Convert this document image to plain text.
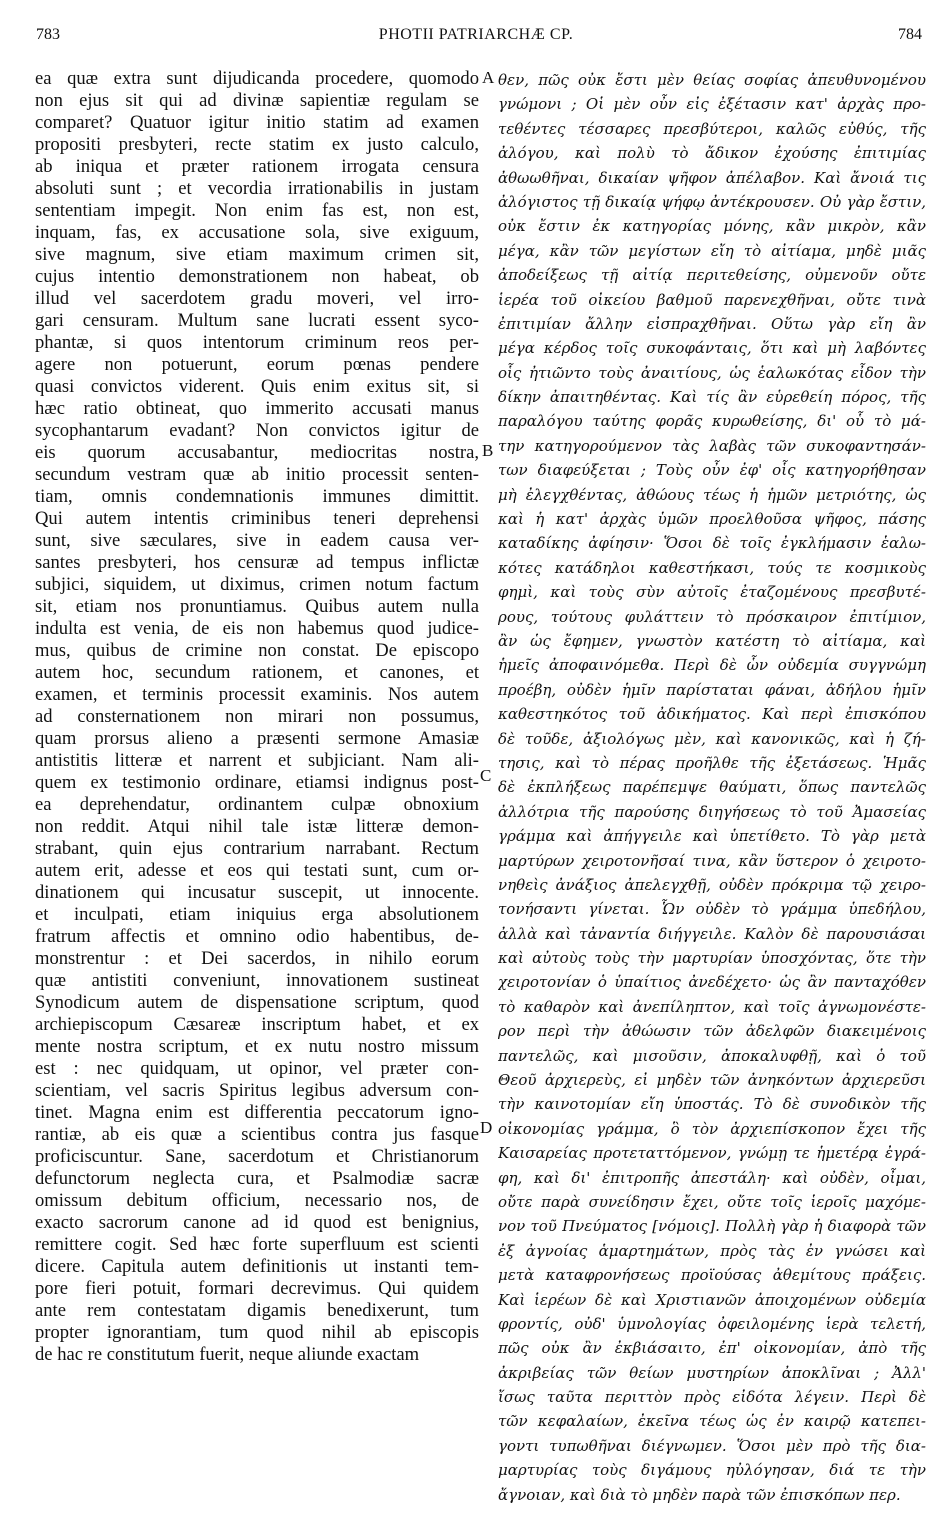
783	PHOTII PATRIARCHÆ CP.	784
ea quæ extra sunt dijudicanda procedere, quomodo
non ejus sit qui ad divinæ sapientiæ regulam se
comparet? Quatuor igitur initio statim ad examen
propositi presbyteri, recte statim ex justo calculo,
ab iniqua et præter rationem irrogata censura
absoluti sunt ; et vecordia irrationabilis in justam
sententiam impegit. Non enim fas est, non est,
inquam, fas, ex accusatione sola, sive exiguum,
sive magnum, sive etiam maximum crimen sit,
cujus intentio demonstrationem non habeat, ob
illud vel sacerdotem gradu moveri, vel irro-
gari censuram. Multum sane lucrati essent syco-
phantæ, si quos intentorum criminum reos per-
agere non potuerunt, eorum pœnas pendere
quasi convictos viderent. Quis enim exitus sit, si
hæc ratio obtineat, quo immerito accusati manus
sycophantarum evadant? Non convictos igitur de
eis quorum accusabantur, mediocritas nostra,
secundum vestram quæ ab initio processit senten-
tiam, omnis condemnationis immunes dimittit.
Qui autem intentis criminibus teneri deprehensi
sunt, sive sæculares, sive in eadem causa ver-
santes presbyteri, hos censuræ ad tempus inflictæ
subjici, siquidem, ut diximus, crimen notum factum
sit, etiam nos pronuntiamus. Quibus autem nulla
indulta est venia, de eis non habemus quod judice-
mus, quibus de crimine non constat. De episcopo
autem hoc, secundum rationem, et canones, et
examen, et terminis processit examinis. Nos autem
ad consternationem non mirari non possumus,
quam prorsus alieno a præsenti sermone Amasiæ
antistitis litteræ et narrent et subjiciant. Nam ali-
quem ex testimonio ordinare, etiamsi indignus post-
ea deprehendatur, ordinantem culpæ obnoxium
non reddit. Atqui nihil tale istæ litteræ demon-
strabant, quin ejus contrarium narrabant. Rectum
autem erit, adesse et eos qui testati sunt, cum or-
dinationem qui incusatur suscepit, ut innocente.
et inculpati, etiam iniquius erga absolutionem
fratrum affectis et omnino odio habentibus, de-
monstrentur : et Dei sacerdos, in nihilo eorum
quæ antistiti conveniunt, innovationem sustineat
Synodicum autem de dispensatione scriptum, quod
archiepiscopum Cæsareæ inscriptum habet, et ex
mente nostra scriptum, et ex nutu nostro missum
est : nec quidquam, ut opinor, vel præter con-
scientiam, vel sacris Spiritus legibus adversum con-
tinet. Magna enim est differentia peccatorum igno-
rantiæ, ab eis quæ a scientibus contra jus fasque
proficiscuntur. Sane, sacerdotum et Christianorum
defunctorum neglecta cura, et Psalmodiæ sacræ
omissum debitum officium, necessario nos, de
exacto sacrorum canone ad id quod est benignius,
remittere cogit. Sed hæc forte superfluum est scienti
dicere. Capitula autem definitionis ut instanti tem-
pore fieri potuit, formari decrevimus. Qui quidem
ante rem contestatam digamis benedixerunt, tum
propter ignorantiam, tum quod nihil ab episcopis
de hac re constitutum fuerit, neque aliunde exactam
A
B
C
D
θεν, πῶς οὐκ ἔστι μὲν θείας σοφίας ἀπευθυνομένου
γνώμονι ; Οἱ μὲν οὖν εἰς ἐξέτασιν κατ' ἀρχὰς προ-
τεθέντες τέσσαρες πρεσβύτεροι, καλῶς εὐθύς, τῆς
ἀλόγου, καὶ πολὺ τὸ ἄδικον ἐχούσης ἐπιτιμίας
ἀθωωθῆναι, δικαίαν ψῆφον ἀπέλαβον. Καὶ ἄνοιά τις
ἀλόγιστος τῇ δικαίᾳ ψήφῳ ἀντέκρουσεν. Οὐ γὰρ ἔστιν,
οὐκ ἔστιν ἐκ κατηγορίας μόνης, κἂν μικρὸν, κἂν
μέγα, κἂν τῶν μεγίστων εἴη τὸ αἰτίαμα, μηδὲ μιᾶς
ἀποδείξεως τῇ αἰτίᾳ περιτεθείσης, οὐμενοῦν οὔτε
ἱερέα τοῦ οἰκείου βαθμοῦ παρενεχθῆναι, οὔτε τινὰ
ἐπιτιμίαν ἄλλην εἰσπραχθῆναι. Οὕτω γὰρ εἴη ἂν
μέγα κέρδος τοῖς συκοφάνταις, ὅτι καὶ μὴ λαβόντες
οἷς ἠτιῶντο τοὺς ἀναιτίους, ὡς ἑαλωκότας εἶδον τὴν
δίκην ἀπαιτηθέντας. Καὶ τίς ἂν εὑρεθείη πόρος, τῆς
παραλόγου ταύτης φορᾶς κυρωθείσης, δι' οὗ τὸ μά-
την κατηγορούμενον τὰς λαβὰς τῶν συκοφαντησάν-
των διαφεύξεται ; Τοὺς οὖν ἐφ' οἷς κατηγορήθησαν
μὴ ἐλεγχθέντας, ἀθώους τέως ἡ ἡμῶν μετριότης, ὡς
καὶ ἡ κατ' ἀρχὰς ὑμῶν προελθοῦσα ψῆφος, πάσης
καταδίκης ἀφίησιν· Ὅσοι δὲ τοῖς ἐγκλήμασιν ἑαλω-
κότες κατάδηλοι καθεστήκασι, τούς τε κοσμικοὺς
φημὶ, καὶ τοὺς σὺν αὐτοῖς ἐταζομένους πρεσβυτέ-
ρους, τούτους φυλάττειν τὸ πρόσκαιρον ἐπιτίμιον,
ἂν ὡς ἔφημεν, γνωστὸν κατέστη τὸ αἰτίαμα, καὶ
ἡμεῖς ἀποφαινόμεθα. Περὶ δὲ ὧν οὐδεμία συγγνώμη
προέβη, οὐδὲν ἡμῖν παρίσταται φάναι, ἀδήλου ἡμῖν
καθεστηκότος τοῦ ἀδικήματος. Καὶ περὶ ἐπισκόπου
δὲ τοῦδε, ἀξιολόγως μὲν, καὶ κανονικῶς, καὶ ἡ ζή-
τησις, καὶ τὸ πέρας προῆλθε τῆς ἐξετάσεως. Ἡμᾶς
δὲ ἐκπλήξεως παρέπεμψε θαύματι, ὅπως παντελῶς
ἀλλότρια τῆς παρούσης διηγήσεως τὸ τοῦ Ἀμασείας
γράμμα καὶ ἀπήγγειλε καὶ ὑπετίθετο. Τὸ γὰρ μετὰ
μαρτύρων χειροτονῆσαί τινα, κἂν ὕστερον ὁ χειροτο-
νηθεὶς ἀνάξιος ἀπελεγχθῇ, οὐδὲν πρόκριμα τῷ χειρο-
τονήσαντι γίνεται. Ὧν οὐδὲν τὸ γράμμα ὑπεδήλου,
ἀλλὰ καὶ τἀναντία διήγγειλε. Καλὸν δὲ παρουσιάσαι
καὶ αὐτοὺς τοὺς τὴν μαρτυρίαν ὑποσχόντας, ὅτε τὴν
χειροτονίαν ὁ ὑπαίτιος ἀνεδέχετο· ὡς ἂν πανταχόθεν
τὸ καθαρὸν καὶ ἀνεπίληπτον, καὶ τοῖς ἀγνωμονέστε-
ρον περὶ τὴν ἀθώωσιν τῶν ἀδελφῶν διακειμένοις
παντελῶς, καὶ μισοῦσιν, ἀποκαλυφθῇ, καὶ ὁ τοῦ
Θεοῦ ἀρχιερεὺς, εἰ μηδὲν τῶν ἀνηκόντων ἀρχιερεῦσι
τὴν καινοτομίαν εἴη ὑποστάς. Τὸ δὲ συνοδικὸν τῆς
οἰκονομίας γράμμα, ὃ τὸν ἀρχιεπίσκοπον ἔχει τῆς
Καισαρείας προτεταττόμενον, γνώμῃ τε ἡμετέρᾳ ἐγρά-
φη, καὶ δι' ἐπιτροπῆς ἀπεστάλη· καὶ οὐδὲν, οἶμαι,
οὔτε παρὰ συνείδησιν ἔχει, οὔτε τοῖς ἱεροῖς μαχόμε-
νον τοῦ Πνεύματος [νόμοις]. Πολλὴ γὰρ ἡ διαφορὰ τῶν
ἐξ ἀγνοίας ἁμαρτημάτων, πρὸς τὰς ἐν γνώσει καὶ
μετὰ καταφρονήσεως προϊούσας ἀθεμίτους πράξεις.
Καὶ ἱερέων δὲ καὶ Χριστιανῶν ἀποιχομένων οὐδεμία
φροντίς, οὐδ' ὑμνολογίας ὀφειλομένης ἱερὰ τελετή,
πῶς οὐκ ἂν ἐκβιάσαιτο, ἐπ' οἰκονομίαν, ἀπὸ τῆς
ἀκριβείας τῶν θείων μυστηρίων ἀποκλῖναι ; Ἀλλ'
ἴσως ταῦτα περιττὸν πρὸς εἰδότα λέγειν. Περὶ δὲ
τῶν κεφαλαίων, ἐκεῖνα τέως ὡς ἐν καιρῷ κατεπει-
γοντι τυπωθῆναι διέγνωμεν. Ὅσοι μὲν πρὸ τῆς δια-
μαρτυρίας τοὺς διγάμους ηὐλόγησαν, διά τε τὴν
ἄγνοιαν, καὶ διὰ τὸ μηδὲν παρὰ τῶν ἐπισκόπων περ.
